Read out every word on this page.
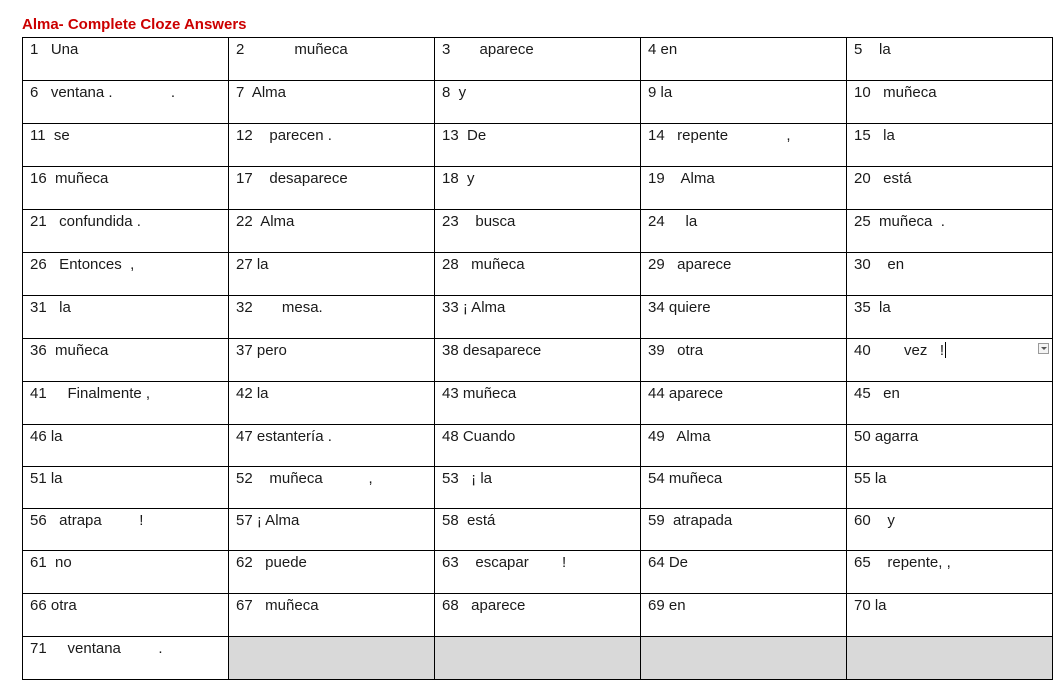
Alma- Complete Cloze Answers
1   Una	2            muñeca	3       aparece	4 en	5    la

6   ventana .              .	7  Alma	8  y	9 la	10   muñeca

11  se	12    parecen .	13  De	14   repente              ,	15   la

16  muñeca	17    desaparece	18  y	19    Alma	20   está

21   confundida .	22  Alma	23    busca	24     la	25  muñeca  .

26   Entonces  ,	27 la	28   muñeca	29   aparece	30    en

31   la	32       mesa.	33 ¡ Alma	34 quiere	35  la

36  muñeca	37 pero	38 desaparece	39   otra	40        vez   !

41     Finalmente ,	42 la	43 muñeca	44 aparece	45   en

46 la	47 estantería .	48 Cuando	49   Alma	50 agarra

51 la	52    muñeca           ,	53   ¡ la	54 muñeca	55 la

56   atrapa         !	57 ¡ Alma	58  está	59  atrapada	60    y

61  no	62   puede	63    escapar        !	64 De	65    repente, ,

66 otra	67   muñeca	68   aparece	69 en	70 la

71     ventana         .				
